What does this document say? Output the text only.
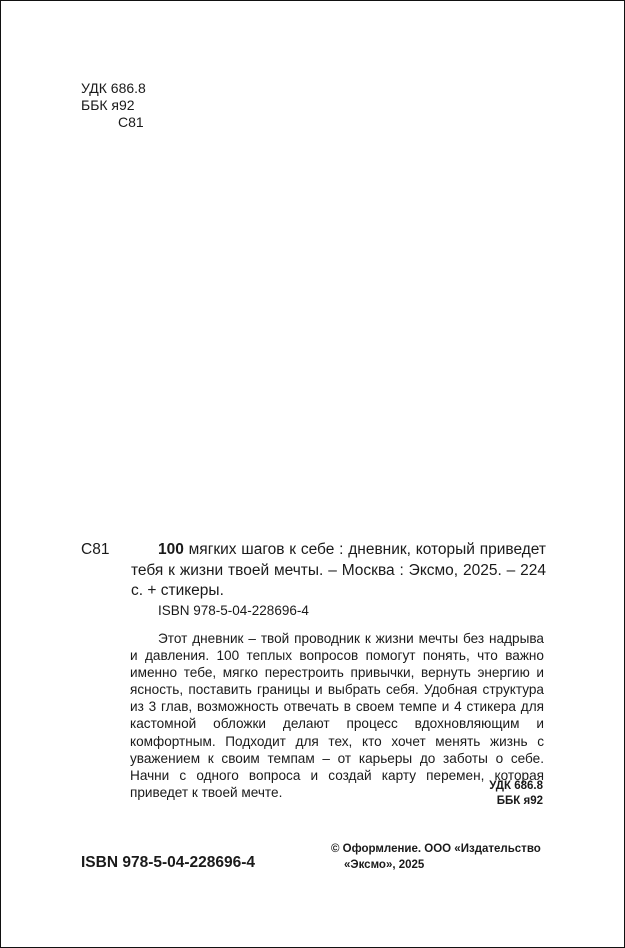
УДК 686.8
ББК я92
С81
С81	100 мягких шагов к себе : дневник, который приведет тебя к жизни твоей мечты. – Москва : Эксмо, 2025. – 224 с. + стикеры.
ISBN 978-5-04-228696-4
Этот дневник – твой проводник к жизни мечты без надрыва и давления. 100 теплых вопросов помогут понять, что важно именно тебе, мягко перестроить привычки, вернуть энергию и ясность, поставить границы и выбрать себя. Удобная структура из 3 глав, возможность отвечать в своем темпе и 4 стикера для кастомной обложки делают процесс вдохновляющим и комфортным. Подходит для тех, кто хочет менять жизнь с уважением к своим темпам – от карьеры до заботы о себе. Начни с одного вопроса и создай карту перемен, которая приведет к твоей мечте.	УДК 686.8
ББК я92
ISBN 978-5-04-228696-4
© Оформление. ООО «Издательство
«Эксмо», 2025
